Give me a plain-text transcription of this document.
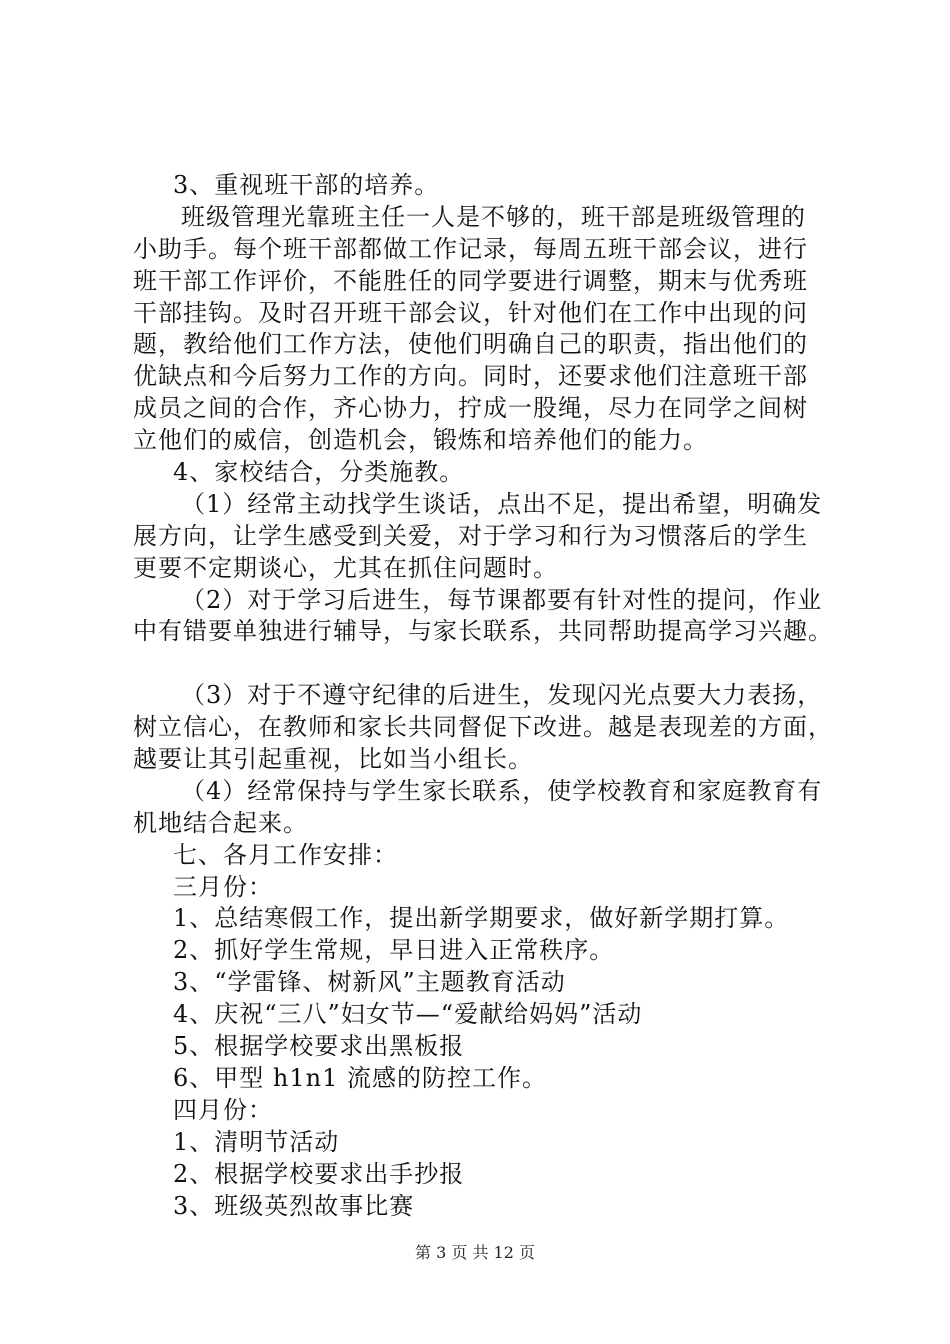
3、重视班干部的培养。
班级管理光靠班主任一人是不够的，班干部是班级管理的
小助手。每个班干部都做工作记录，每周五班干部会议，进行
班干部工作评价，不能胜任的同学要进行调整，期末与优秀班
干部挂钩。及时召开班干部会议，针对他们在工作中出现的问
题，教给他们工作方法，使他们明确自己的职责，指出他们的
优缺点和今后努力工作的方向。同时，还要求他们注意班干部
成员之间的合作，齐心协力，拧成一股绳，尽力在同学之间树
立他们的威信，创造机会，锻炼和培养他们的能力。
4、家校结合，分类施教。
（1）经常主动找学生谈话，点出不足，提出希望，明确发
展方向，让学生感受到关爱，对于学习和行为习惯落后的学生
更要不定期谈心，尤其在抓住问题时。
（2）对于学习后进生，每节课都要有针对性的提问，作业
中有错要单独进行辅导，与家长联系，共同帮助提高学习兴趣。
（3）对于不遵守纪律的后进生，发现闪光点要大力表扬，
树立信心，在教师和家长共同督促下改进。越是表现差的方面，
越要让其引起重视，比如当小组长。
（4）经常保持与学生家长联系，使学校教育和家庭教育有
机地结合起来。
七、各月工作安排：
三月份：
1、总结寒假工作，提出新学期要求，做好新学期打算。
2、抓好学生常规，早日进入正常秩序。
3、“学雷锋、树新风”主题教育活动
4、庆祝“三八”妇女节—“爱献给妈妈”活动
5、根据学校要求出黑板报
6、甲型 h1n1 流感的防控工作。
四月份：
1、清明节活动
2、根据学校要求出手抄报
3、班级英烈故事比赛
第 3 页 共 12 页
